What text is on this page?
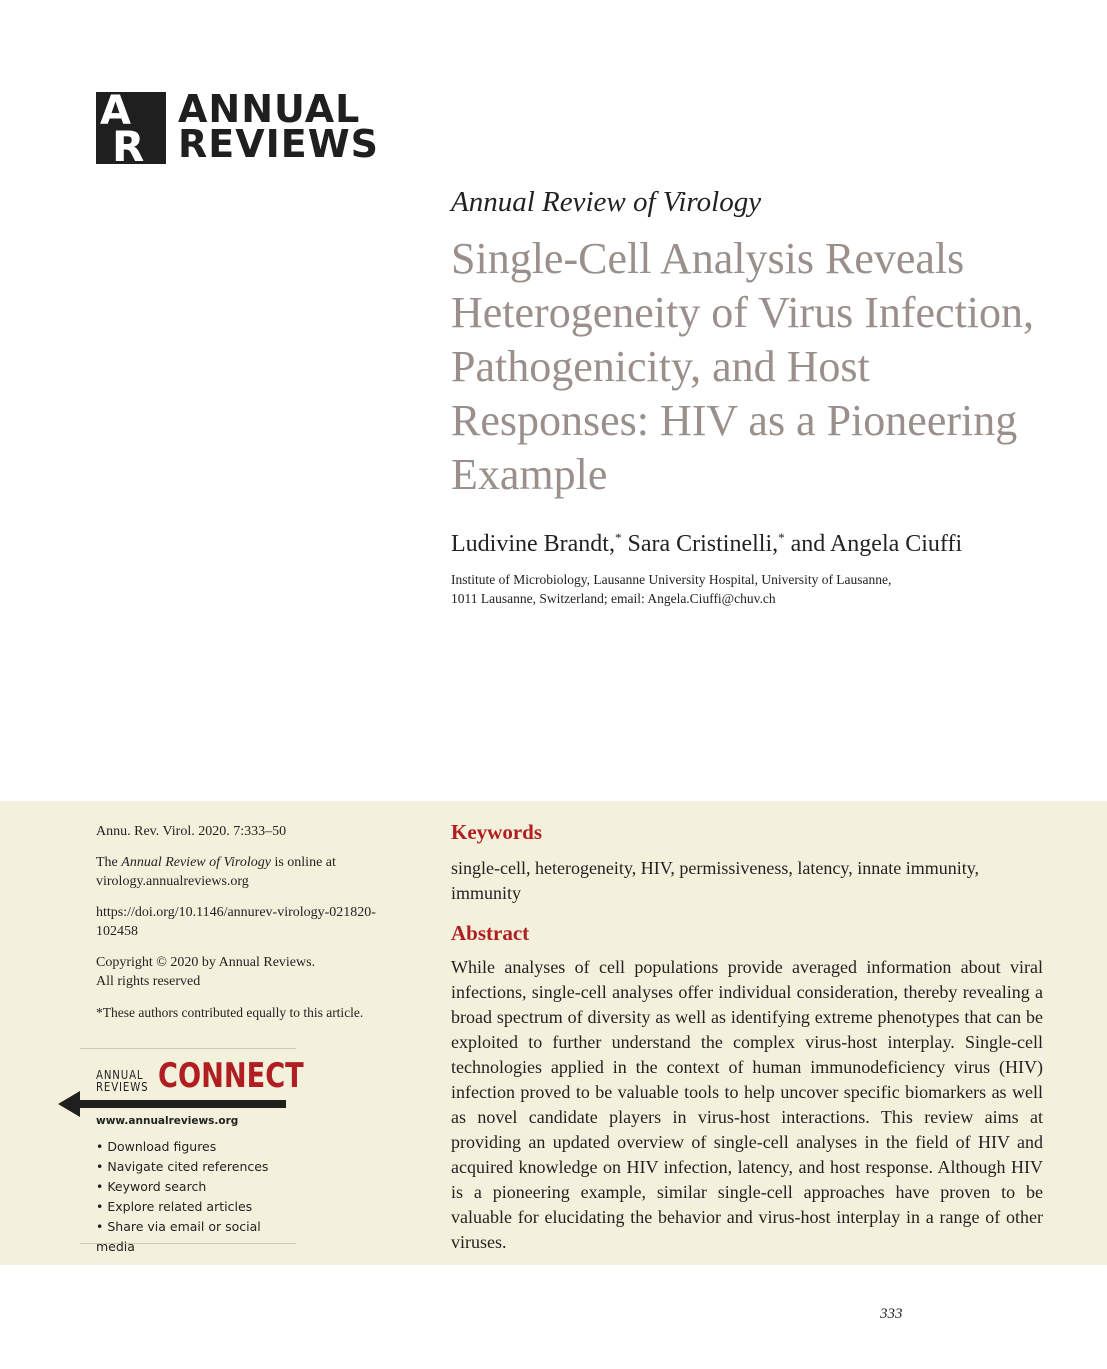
A
R
ANNUAL
REVIEWS
Annual Review of Virology
Single-Cell Analysis Reveals Heterogeneity of Virus Infection, Pathogenicity, and Host Responses: HIV as a Pioneering Example
Ludivine Brandt,* Sara Cristinelli,* and Angela Ciuffi
Institute of Microbiology, Lausanne University Hospital, University of Lausanne,
1011 Lausanne, Switzerland; email: Angela.Ciuffi@chuv.ch

Annu. Rev. Virol. 2020. 7:333–50

The Annual Review of Virology is online at
virology.annualreviews.org

https://doi.org/10.1146/annurev-virology-021820-
102458

Copyright © 2020 by Annual Reviews.
All rights reserved

*These authors contributed equally to this article.

ANNUAL
REVIEWS CONNECT
www.annualreviews.org
• Download figures
• Navigate cited references
• Keyword search
• Explore related articles
• Share via email or social media
Keywords
single-cell, heterogeneity, HIV, permissiveness, latency, innate immunity, immunity
Abstract
While analyses of cell populations provide averaged information about viral infections, single-cell analyses offer individual consideration, thereby revealing a broad spectrum of diversity as well as identifying extreme phenotypes that can be exploited to further understand the complex virus-host interplay. Single-cell technologies applied in the context of human immunodeficiency virus (HIV) infection proved to be valuable tools to help uncover specific biomarkers as well as novel candidate players in virus-host interactions. This review aims at providing an updated overview of single-cell analyses in the field of HIV and acquired knowledge on HIV infection, latency, and host response. Although HIV is a pioneering example, similar single-cell approaches have proven to be valuable for elucidating the behavior and virus-host interplay in a range of other viruses.
333
